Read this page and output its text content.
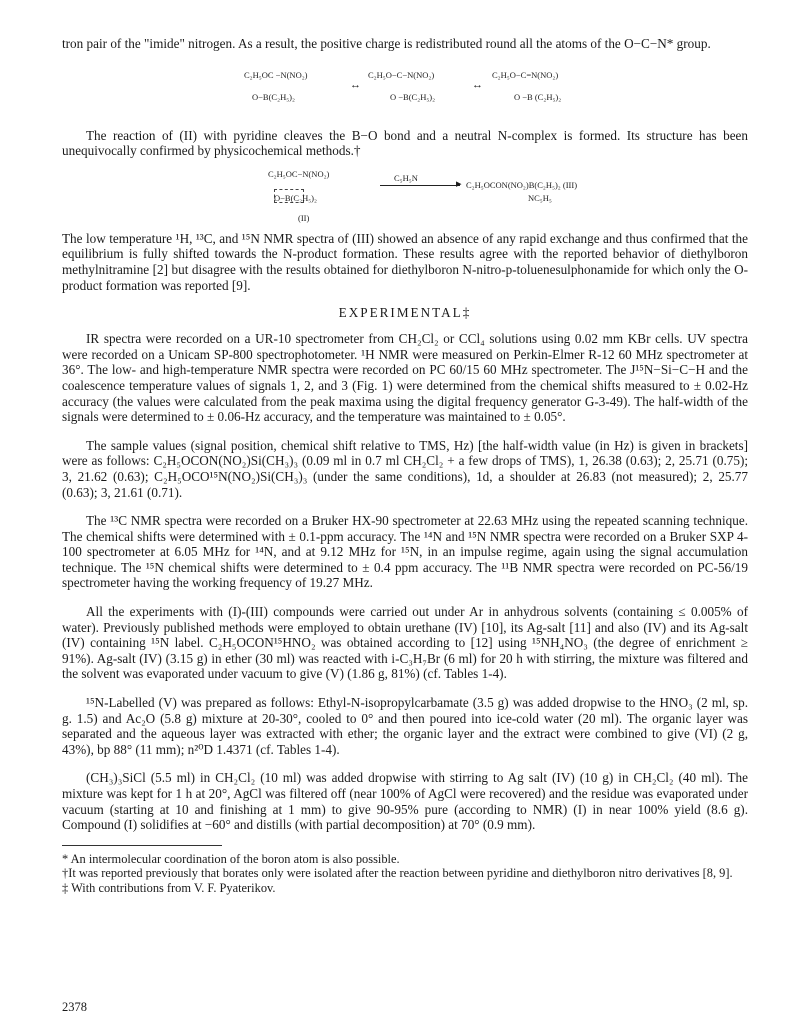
tron pair of the "imide" nitrogen. As a result, the positive charge is redistributed round all the atoms of the O−C−N* group.

C₂H₅OC −N(NO₂)
O−B(C₂H₅)₂
↔
C₂H₅O−C−N(NO₂)
O −B(C₂H₅)₂
↔
C₂H₅O−C=N(NO₂)
O −B (C₂H₅)₂

The reaction of (II) with pyridine cleaves the B−O bond and a neutral N-complex is formed. Its structure has been unequivocally confirmed by physicochemical methods.†

C₂H₅OC−N(NO₂)
O−B(C₂H₅)₂
(II)
C₅H₅N	▸ C₂H₅OCON(NO₂)B(C₂H₅)₂ (III)
NC₅H₅

The low temperature ¹H, ¹³C, and ¹⁵N NMR spectra of (III) showed an absence of any rapid exchange and thus confirmed that the equilibrium is fully shifted towards the N-product formation. These results agree with the reported behavior of diethylboron methylnitramine [2] but disagree with the results obtained for diethylboron N-nitro-p-toluenesulphonamide for which only the O-product formation was reported [9].

EXPERIMENTAL‡

IR spectra were recorded on a UR-10 spectrometer from CH₂Cl₂ or CCl₄ solutions using 0.02 mm KBr cells. UV spectra were recorded on a Unicam SP-800 spectrophotometer. ¹H NMR were measured on Perkin-Elmer R-12 60 MHz spectrometer at 36°. The low- and high-temperature NMR spectra were recorded on PC 60/15 60 MHz spectrometer. The J¹⁵N−Si−C−H and the coalescence temperature values of signals 1, 2, and 3 (Fig. 1) were determined from the chemical shifts measured to ± 0.02-Hz accuracy (the values were calculated from the peak maxima using the digital frequency generator G-3-49). The half-width of the signals were determined to ± 0.06-Hz accuracy, and the temperature was maintained to ± 0.05°.

The sample values (signal position, chemical shift relative to TMS, Hz) [the half-width value (in Hz) is given in brackets] were as follows: C₂H₅OCON(NO₂)Si(CH₃)₃ (0.09 ml in 0.7 ml CH₂Cl₂ + a few drops of TMS), 1, 26.38 (0.63); 2, 25.71 (0.75); 3, 21.62 (0.63); C₂H₅OCO¹⁵N(NO₂)Si(CH₃)₃ (under the same conditions), 1d, a shoulder at 26.83 (not measured); 2, 25.77 (0.63); 3, 21.61 (0.71).

The ¹³C NMR spectra were recorded on a Bruker HX-90 spectrometer at 22.63 MHz using the repeated scanning technique. The chemical shifts were determined with ± 0.1-ppm accuracy. The ¹⁴N and ¹⁵N NMR spectra were recorded on a Bruker SXP 4-100 spectrometer at 6.05 MHz for ¹⁴N, and at 9.12 MHz for ¹⁵N, in an impulse regime, again using the signal accumulation technique. The ¹⁵N chemical shifts were determined to ± 0.4 ppm accuracy. The ¹¹B NMR spectra were recorded on PC-56/19 spectrometer having the working frequency of 19.27 MHz.

All the experiments with (I)-(III) compounds were carried out under Ar in anhydrous solvents (containing ≤ 0.005% of water). Previously published methods were employed to obtain urethane (IV) [10], its Ag-salt [11] and also (IV) and its Ag-salt (IV) containing ¹⁵N label. C₂H₅OCON¹⁵HNO₂ was obtained according to [12] using ¹⁵NH₄NO₃ (the degree of enrichment ≥ 91%). Ag-salt (IV) (3.15 g) in ether (30 ml) was reacted with i-C₃H₇Br (6 ml) for 20 h with stirring, the mixture was filtered and the solvent was evaporated under vacuum to give (V) (1.86 g, 81%) (cf. Tables 1-4).

¹⁵N-Labelled (V) was prepared as follows: Ethyl-N-isopropylcarbamate (3.5 g) was added dropwise to the HNO₃ (2 ml, sp. g. 1.5) and Ac₂O (5.8 g) mixture at 20-30°, cooled to 0° and then poured into ice-cold water (20 ml). The organic layer was separated and the aqueous layer was extracted with ether; the organic layer and the extract were combined to give (VI) (2 g, 43%), bp 88° (11 mm); n²⁰D 1.4371 (cf. Tables 1-4).

(CH₃)₃SiCl (5.5 ml) in CH₂Cl₂ (10 ml) was added dropwise with stirring to Ag salt (IV) (10 g) in CH₂Cl₂ (40 ml). The mixture was kept for 1 h at 20°, AgCl was filtered off (near 100% of AgCl were recovered) and the residue was evaporated under vacuum (starting at 10 and finishing at 1 mm) to give 90-95% pure (according to NMR) (I) in near 100% yield (8.6 g). Compound (I) solidifies at −60° and distills (with partial decomposition) at 70° (0.9 mm).

* An intermolecular coordination of the boron atom is also possible.

†It was reported previously that borates only were isolated after the reaction between pyridine and diethylboron nitro derivatives [8, 9].

‡ With contributions from V. F. Pyaterikov.

2378
